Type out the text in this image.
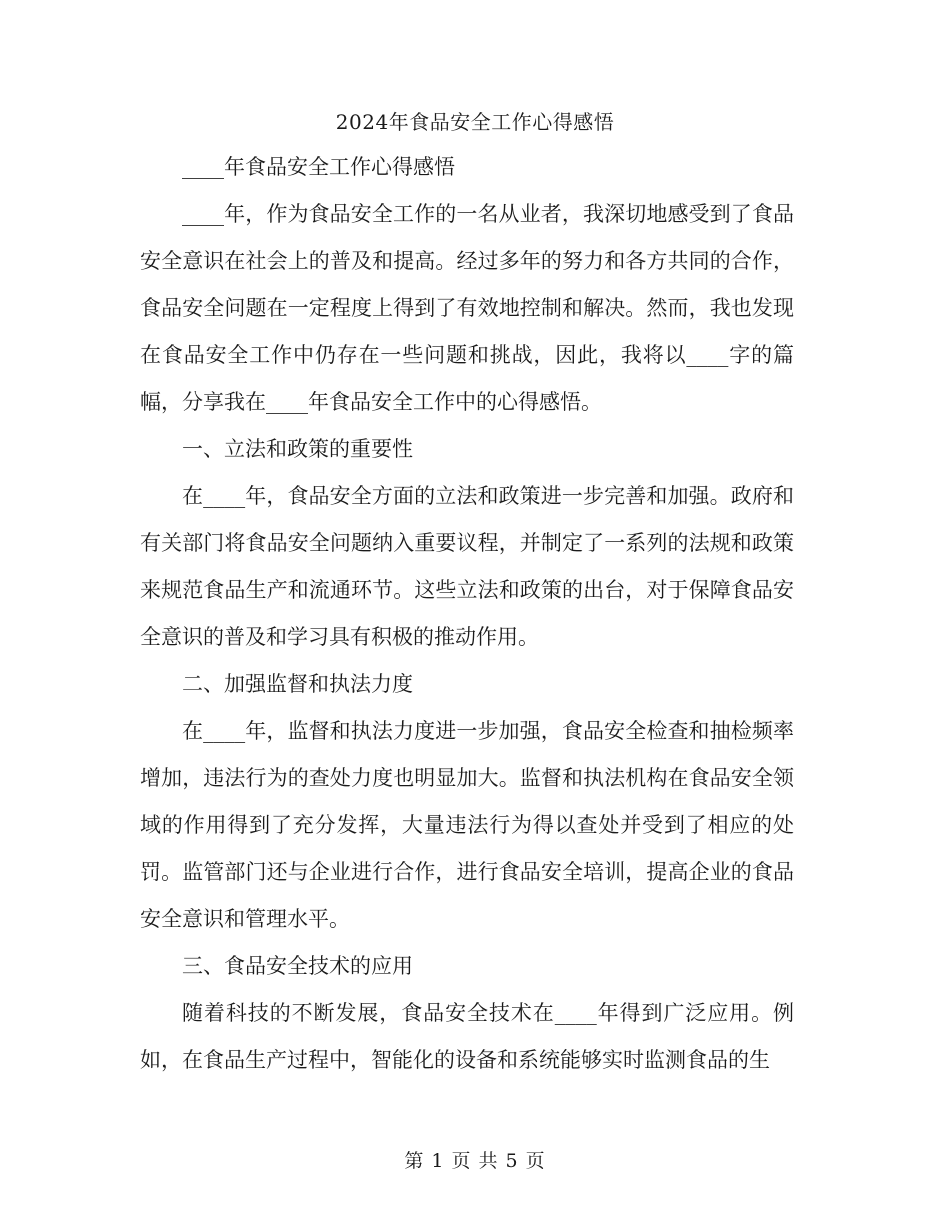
2024年食品安全工作心得感悟

____年食品安全工作心得感悟

____年，作为食品安全工作的一名从业者，我深切地感受到了食品安全意识在社会上的普及和提高。经过多年的努力和各方共同的合作，食品安全问题在一定程度上得到了有效地控制和解决。然而，我也发现在食品安全工作中仍存在一些问题和挑战，因此，我将以____字的篇幅，分享我在____年食品安全工作中的心得感悟。

一、立法和政策的重要性

在____年，食品安全方面的立法和政策进一步完善和加强。政府和有关部门将食品安全问题纳入重要议程，并制定了一系列的法规和政策来规范食品生产和流通环节。这些立法和政策的出台，对于保障食品安全意识的普及和学习具有积极的推动作用。

二、加强监督和执法力度

在____年，监督和执法力度进一步加强，食品安全检查和抽检频率增加，违法行为的查处力度也明显加大。监督和执法机构在食品安全领域的作用得到了充分发挥，大量违法行为得以查处并受到了相应的处罚。监管部门还与企业进行合作，进行食品安全培训，提高企业的食品安全意识和管理水平。

三、食品安全技术的应用

随着科技的不断发展，食品安全技术在____年得到广泛应用。例如，在食品生产过程中，智能化的设备和系统能够实时监测食品的生

第 1 页 共 5 页
